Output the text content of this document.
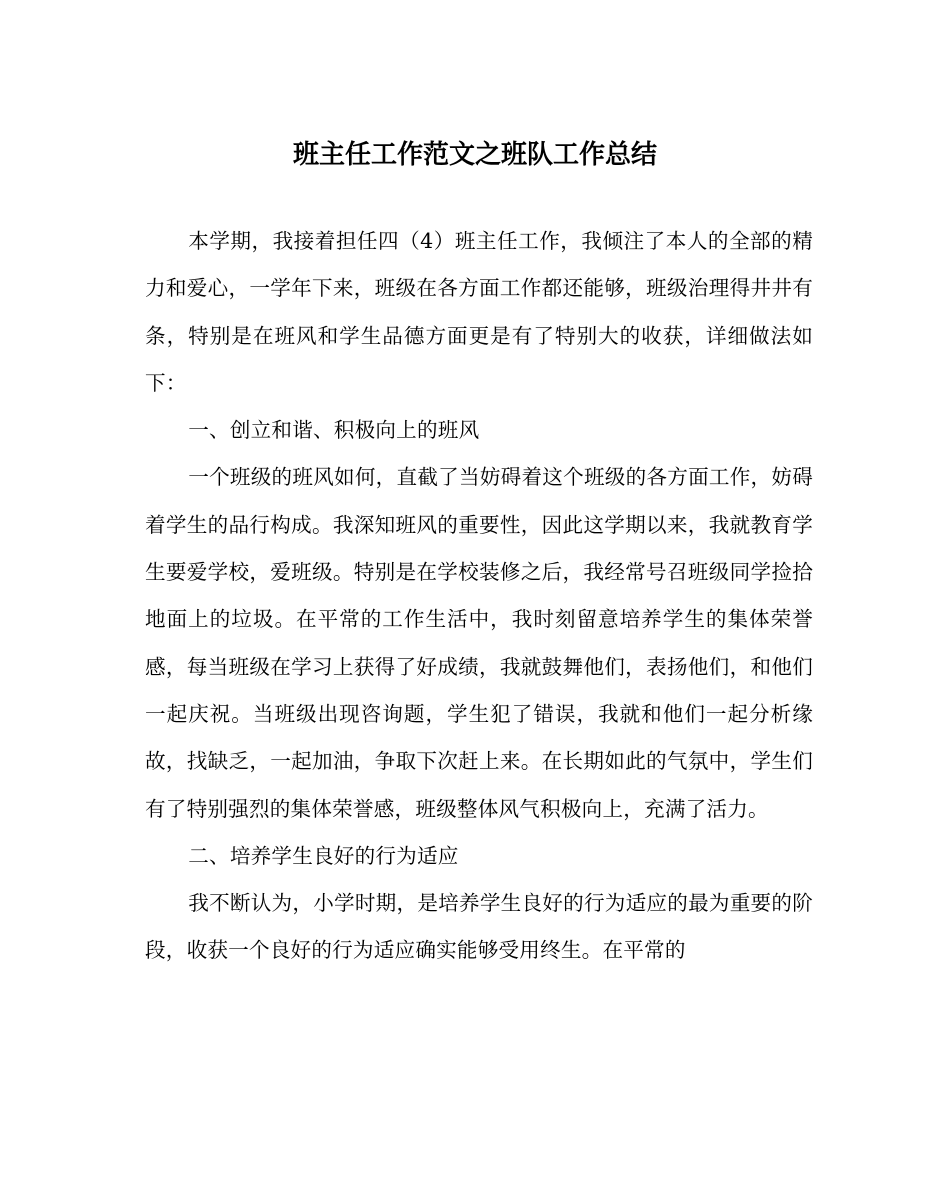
班主任工作范文之班队工作总结

本学期，我接着担任四（4）班主任工作，我倾注了本人的全部的精力和爱心，一学年下来，班级在各方面工作都还能够，班级治理得井井有条，特别是在班风和学生品德方面更是有了特别大的收获，详细做法如下：

一、创立和谐、积极向上的班风

一个班级的班风如何，直截了当妨碍着这个班级的各方面工作，妨碍着学生的品行构成。我深知班风的重要性，因此这学期以来，我就教育学生要爱学校，爱班级。特别是在学校装修之后，我经常号召班级同学捡拾地面上的垃圾。在平常的工作生活中，我时刻留意培养学生的集体荣誉感，每当班级在学习上获得了好成绩，我就鼓舞他们，表扬他们，和他们一起庆祝。当班级出现咨询题，学生犯了错误，我就和他们一起分析缘故，找缺乏，一起加油，争取下次赶上来。在长期如此的气氛中，学生们有了特别强烈的集体荣誉感，班级整体风气积极向上，充满了活力。

二、培养学生良好的行为适应

我不断认为，小学时期，是培养学生良好的行为适应的最为重要的阶段，收获一个良好的行为适应确实能够受用终生。在平常的
